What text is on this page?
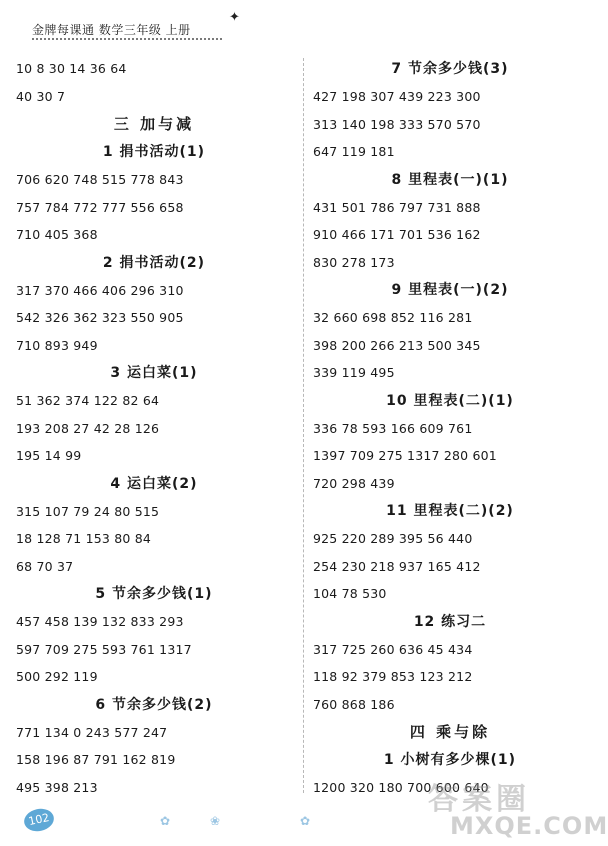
金牌每课通 数学三年级 上册
✦
10 8 30 14 36 64
40 30 7
三 加与减
1 捐书活动(1)
706 620 748 515 778 843
757 784 772 777 556 658
710 405 368
2 捐书活动(2)
317 370 466 406 296 310
542 326 362 323 550 905
710 893 949
3 运白菜(1)
51 362 374 122 82 64
193 208 27 42 28 126
195 14 99
4 运白菜(2)
315 107 79 24 80 515
18 128 71 153 80 84
68 70 37
5 节余多少钱(1)
457 458 139 132 833 293
597 709 275 593 761 1317
500 292 119
6 节余多少钱(2)
771 134 0 243 577 247
158 196 87 791 162 819
495 398 213
7 节余多少钱(3)
427 198 307 439 223 300
313 140 198 333 570 570
647 119 181
8 里程表(一)(1)
431 501 786 797 731 888
910 466 171 701 536 162
830 278 173
9 里程表(一)(2)
32 660 698 852 116 281
398 200 266 213 500 345
339 119 495
10 里程表(二)(1)
336 78 593 166 609 761
1397 709 275 1317 280 601
720 298 439
11 里程表(二)(2)
925 220 289 395 56 440
254 230 218 937 165 412
104 78 530
12 练习二
317 725 260 636 45 434
118 92 379 853 123 212
760 868 186
四 乘与除
1 小树有多少棵(1)
1200 320 180 700 600 640
102	✿	❀	✿
答案圈
MXQE.COM
